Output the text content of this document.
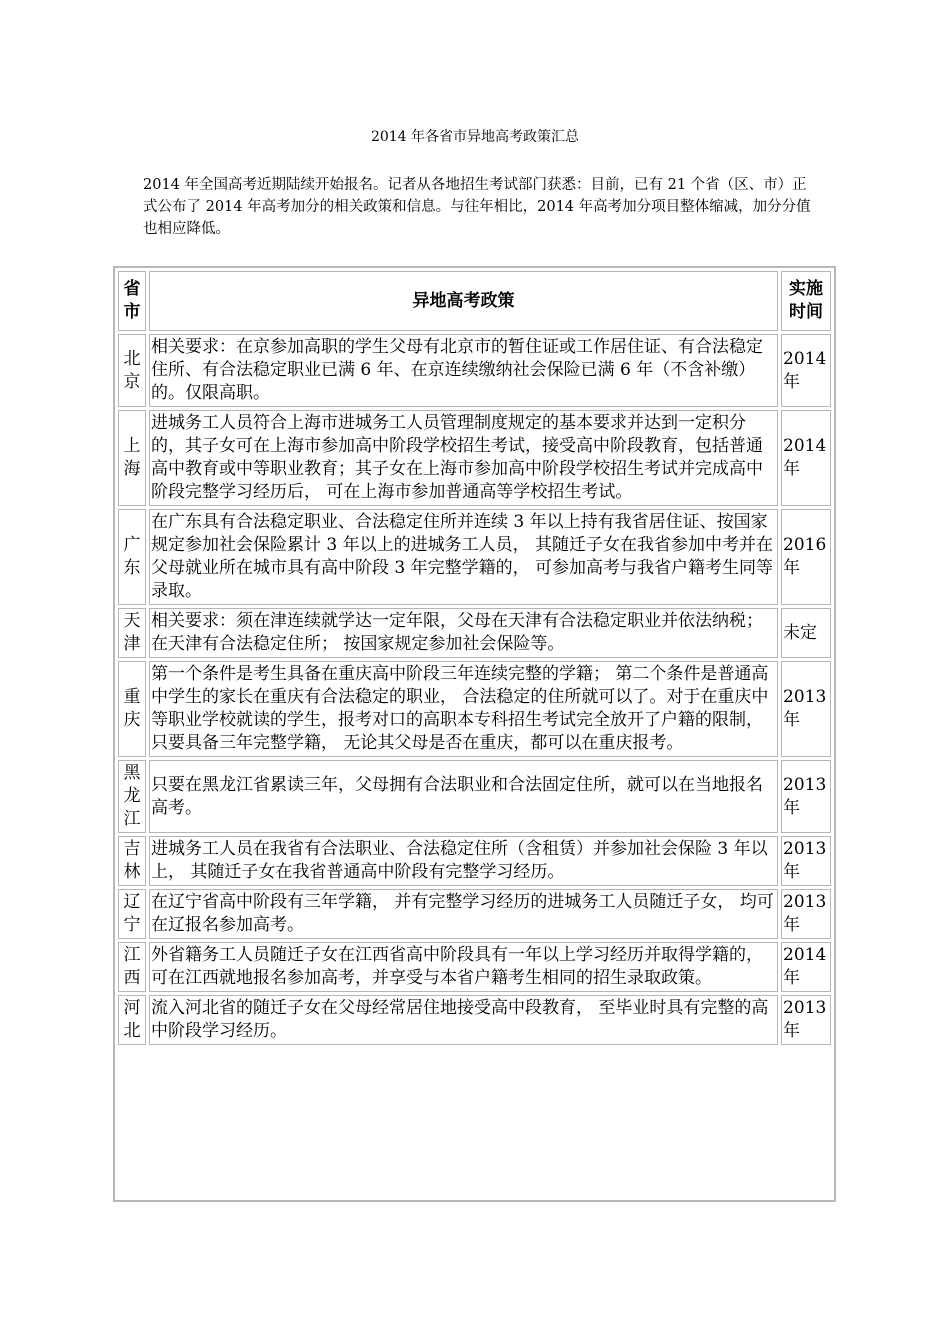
2014 年各省市异地高考政策汇总

2014 年全国高考近期陆续开始报名。记者从各地招生考试部门获悉：目前，已有 21 个省（区、市）正式公布了 2014 年高考加分的相关政策和信息。与往年相比，2014 年高考加分项目整体缩减，加分分值也相应降低。

省市	异地高考政策	实施时间
北京	相关要求：在京参加高职的学生父母有北京市的暂住证或工作居住证、有合法稳定住所、有合法稳定职业已满 6 年、在京连续缴纳社会保险已满 6 年（不含补缴）的。仅限高职。	2014 年
上海	进城务工人员符合上海市进城务工人员管理制度规定的基本要求并达到一定积分的，其子女可在上海市参加高中阶段学校招生考试，接受高中阶段教育，包括普通高中教育或中等职业教育；其子女在上海市参加高中阶段学校招生考试并完成高中阶段完整学习经历后， 可在上海市参加普通高等学校招生考试。	2014 年
广东	在广东具有合法稳定职业、合法稳定住所并连续 3 年以上持有我省居住证、按国家规定参加社会保险累计 3 年以上的进城务工人员， 其随迁子女在我省参加中考并在父母就业所在城市具有高中阶段 3 年完整学籍的， 可参加高考与我省户籍考生同等录取。	2016 年
天津	相关要求：须在津连续就学达一定年限，父母在天津有合法稳定职业并依法纳税； 在天津有合法稳定住所； 按国家规定参加社会保险等。	未定
重庆	第一个条件是考生具备在重庆高中阶段三年连续完整的学籍； 第二个条件是普通高中学生的家长在重庆有合法稳定的职业， 合法稳定的住所就可以了。对于在重庆中等职业学校就读的学生，报考对口的高职本专科招生考试完全放开了户籍的限制， 只要具备三年完整学籍， 无论其父母是否在重庆，都可以在重庆报考。	2013 年
黑龙江	只要在黑龙江省累读三年，父母拥有合法职业和合法固定住所，就可以在当地报名高考。	2013 年
吉林	进城务工人员在我省有合法职业、合法稳定住所（含租赁）并参加社会保险 3 年以上， 其随迁子女在我省普通高中阶段有完整学习经历。	2013 年
辽宁	在辽宁省高中阶段有三年学籍， 并有完整学习经历的进城务工人员随迁子女， 均可在辽报名参加高考。	2013 年
江西	外省籍务工人员随迁子女在江西省高中阶段具有一年以上学习经历并取得学籍的，可在江西就地报名参加高考，并享受与本省户籍考生相同的招生录取政策。	2014 年
河北	流入河北省的随迁子女在父母经常居住地接受高中段教育， 至毕业时具有完整的高中阶段学习经历。	2013 年
